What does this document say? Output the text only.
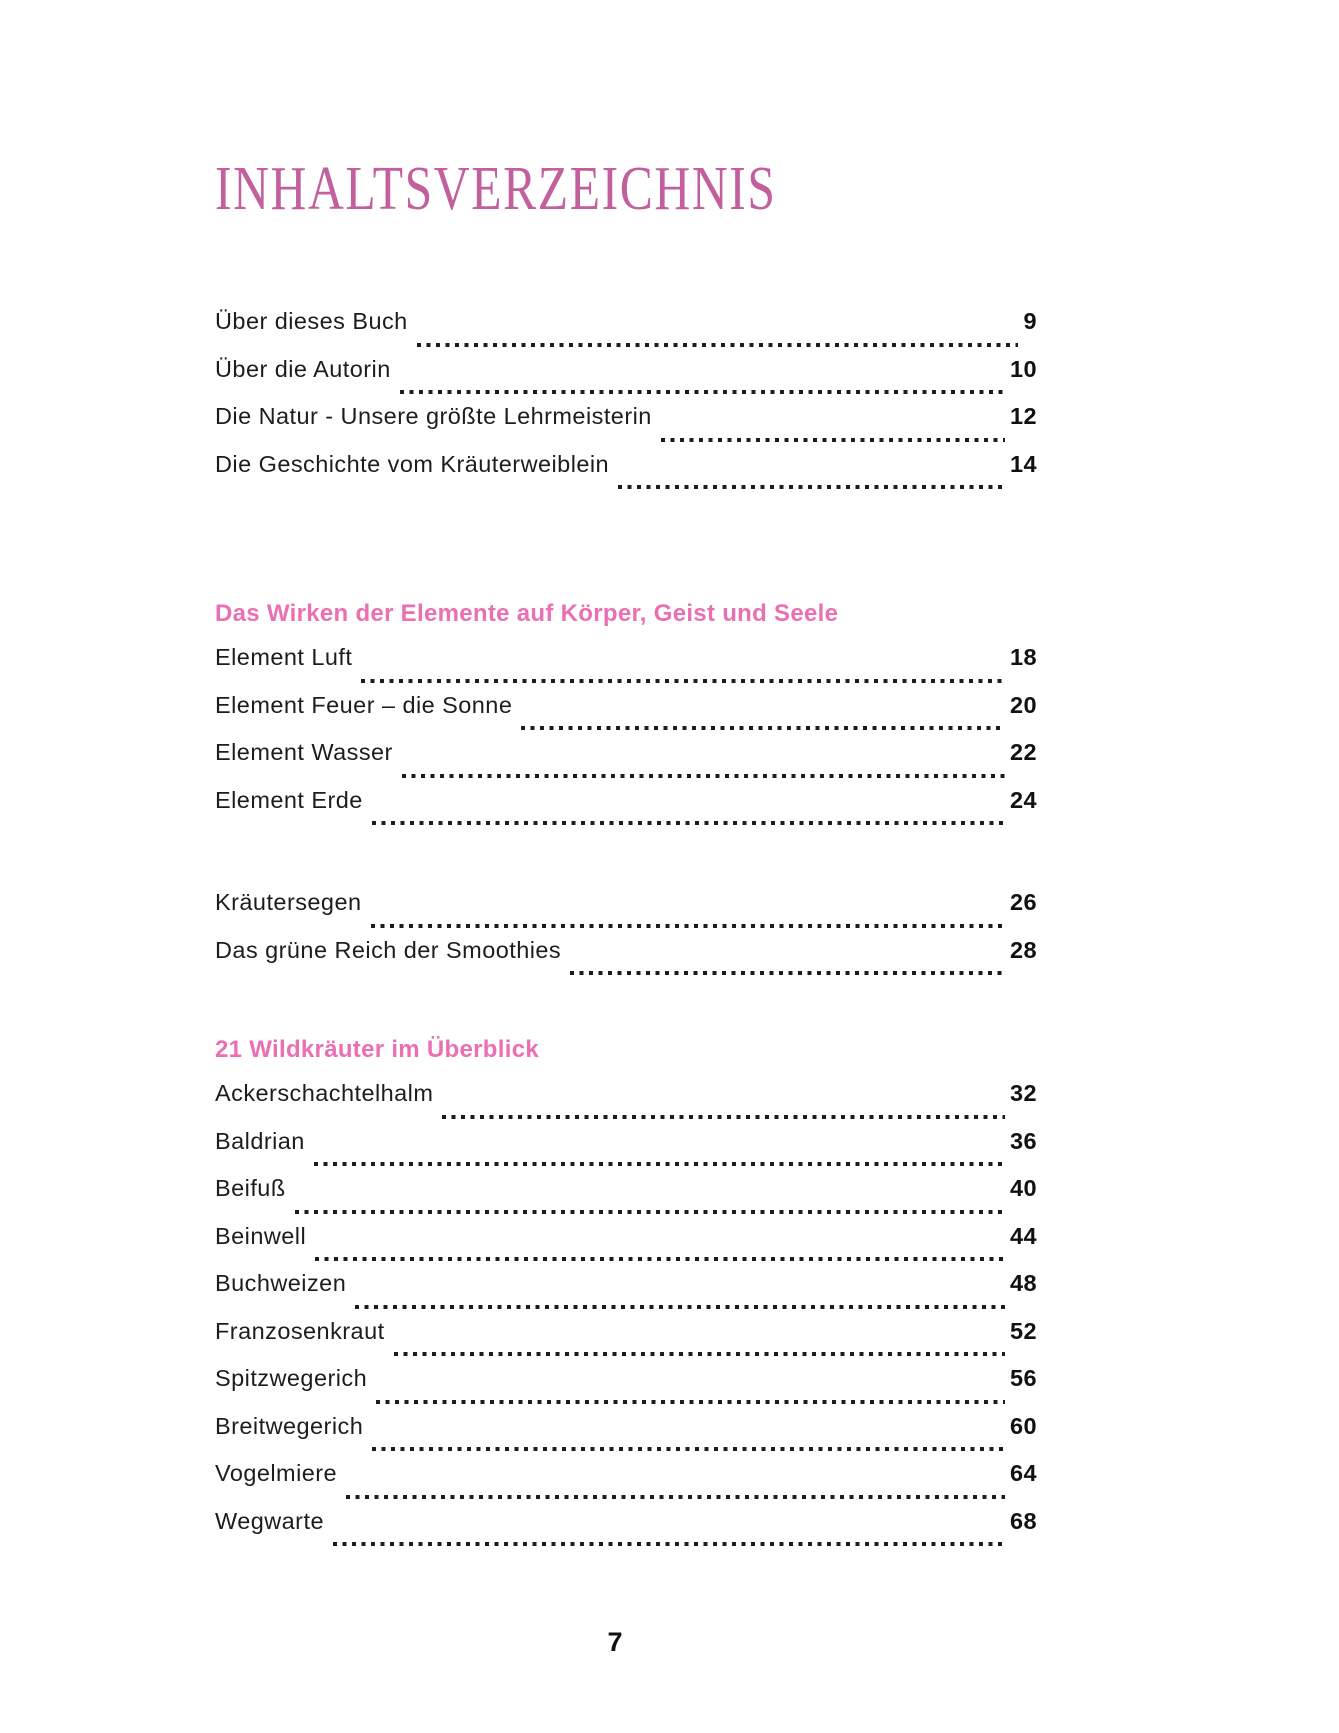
INHALTSVERZEICHNIS
Über dieses Buch	9
Über die Autorin	10
Die Natur - Unsere größte Lehrmeisterin	12
Die Geschichte vom Kräuterweiblein	14
Das Wirken der Elemente auf Körper, Geist und Seele
Element Luft	18
Element Feuer – die Sonne	20
Element Wasser	22
Element Erde	24
Kräutersegen	26
Das grüne Reich der Smoothies	28
21 Wildkräuter im Überblick
Ackerschachtelhalm	32
Baldrian	36
Beifuß	40
Beinwell	44
Buchweizen	48
Franzosenkraut	52
Spitzwegerich	56
Breitwegerich	60
Vogelmiere	64
Wegwarte	68
7
